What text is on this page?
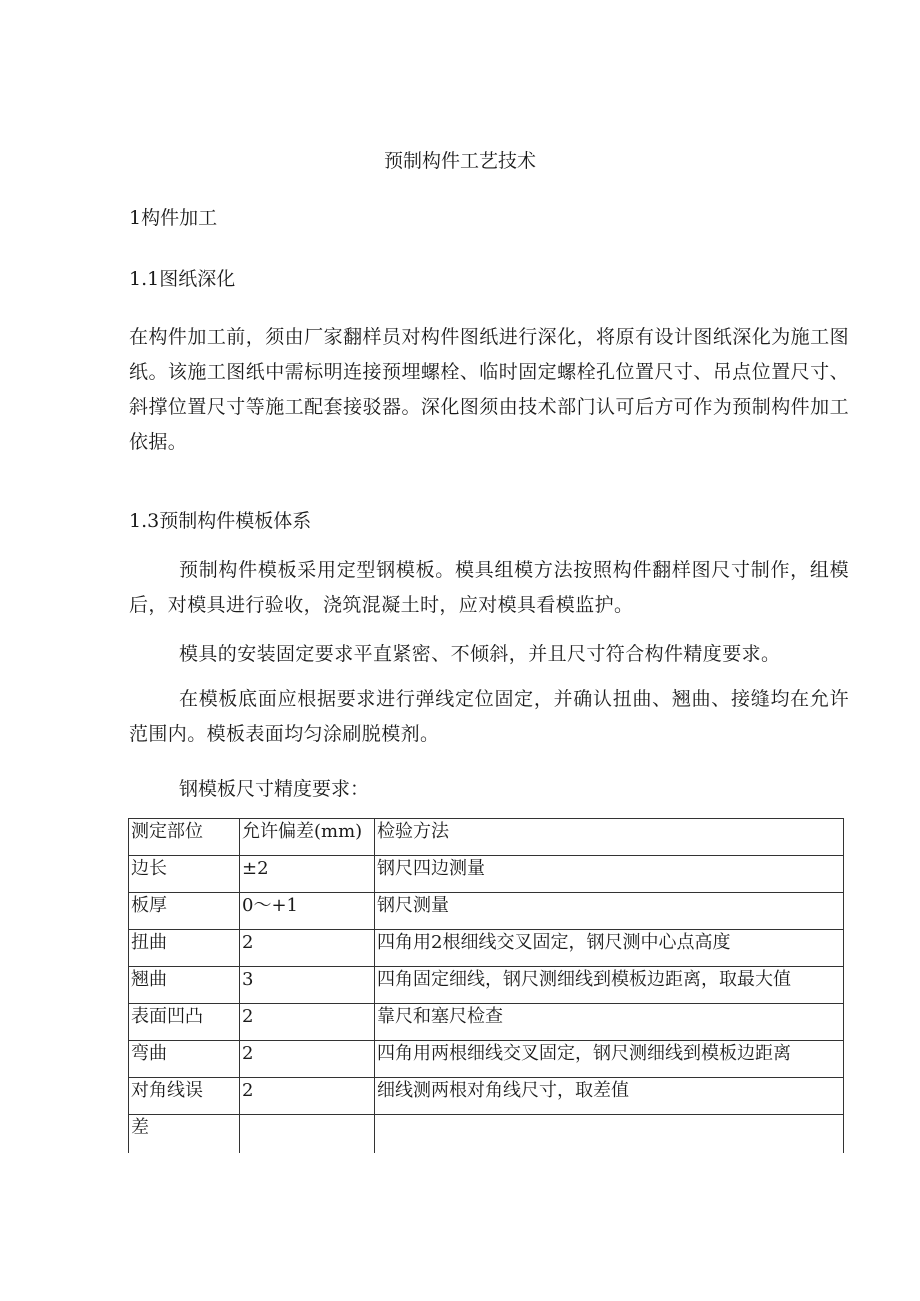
预制构件工艺技术
1构件加工
1.1图纸深化
在构件加工前，须由厂家翻样员对构件图纸进行深化，将原有设计图纸深化为施工图纸。该施工图纸中需标明连接预埋螺栓、临时固定螺栓孔位置尺寸、吊点位置尺寸、斜撑位置尺寸等施工配套接驳器。深化图须由技术部门认可后方可作为预制构件加工依据。
1.3预制构件模板体系
预制构件模板采用定型钢模板。模具组模方法按照构件翻样图尺寸制作，组模后，对模具进行验收，浇筑混凝土时，应对模具看模监护。
模具的安装固定要求平直紧密、不倾斜，并且尺寸符合构件精度要求。
在模板底面应根据要求进行弹线定位固定，并确认扭曲、翘曲、接缝均在允许范围内。模板表面均匀涂刷脱模剂。
钢模板尺寸精度要求：
测定部位	允许偏差(mm)	检验方法
边长	±2	钢尺四边测量
板厚	0～+1	钢尺测量
扭曲	2	四角用2根细线交叉固定，钢尺测中心点高度
翘曲	3	四角固定细线，钢尺测细线到模板边距离，取最大值
表面凹凸	2	靠尺和塞尺检查
弯曲	2	四角用两根细线交叉固定，钢尺测细线到模板边距离
对角线误	2	细线测两根对角线尺寸，取差值
差		
